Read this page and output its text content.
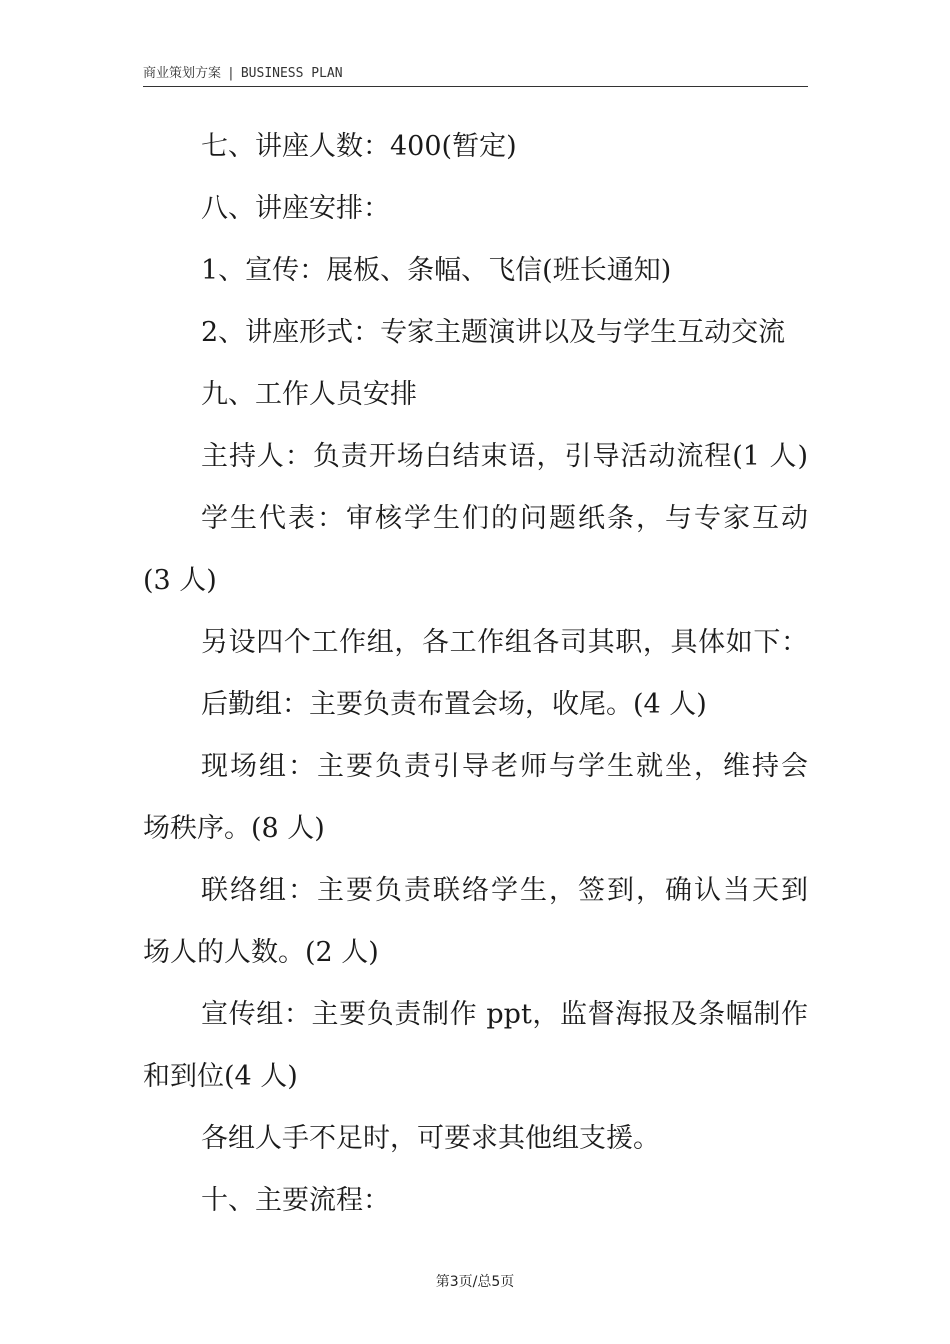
商业策划方案 | BUSINESS PLAN

七、讲座人数：400(暂定)

八、讲座安排：

1、宣传：展板、条幅、飞信(班长通知)

2、讲座形式：专家主题演讲以及与学生互动交流

九、工作人员安排

主持人：负责开场白结束语，引导活动流程(1 人)

学生代表：审核学生们的问题纸条，与专家互动

(3 人)

另设四个工作组，各工作组各司其职，具体如下：

后勤组：主要负责布置会场，收尾。(4 人)

现场组：主要负责引导老师与学生就坐，维持会

场秩序。(8 人)

联络组：主要负责联络学生，签到，确认当天到

场人的人数。(2 人)

宣传组：主要负责制作 ppt，监督海报及条幅制作

和到位(4 人)

各组人手不足时，可要求其他组支援。

十、主要流程：

第3页/总5页
